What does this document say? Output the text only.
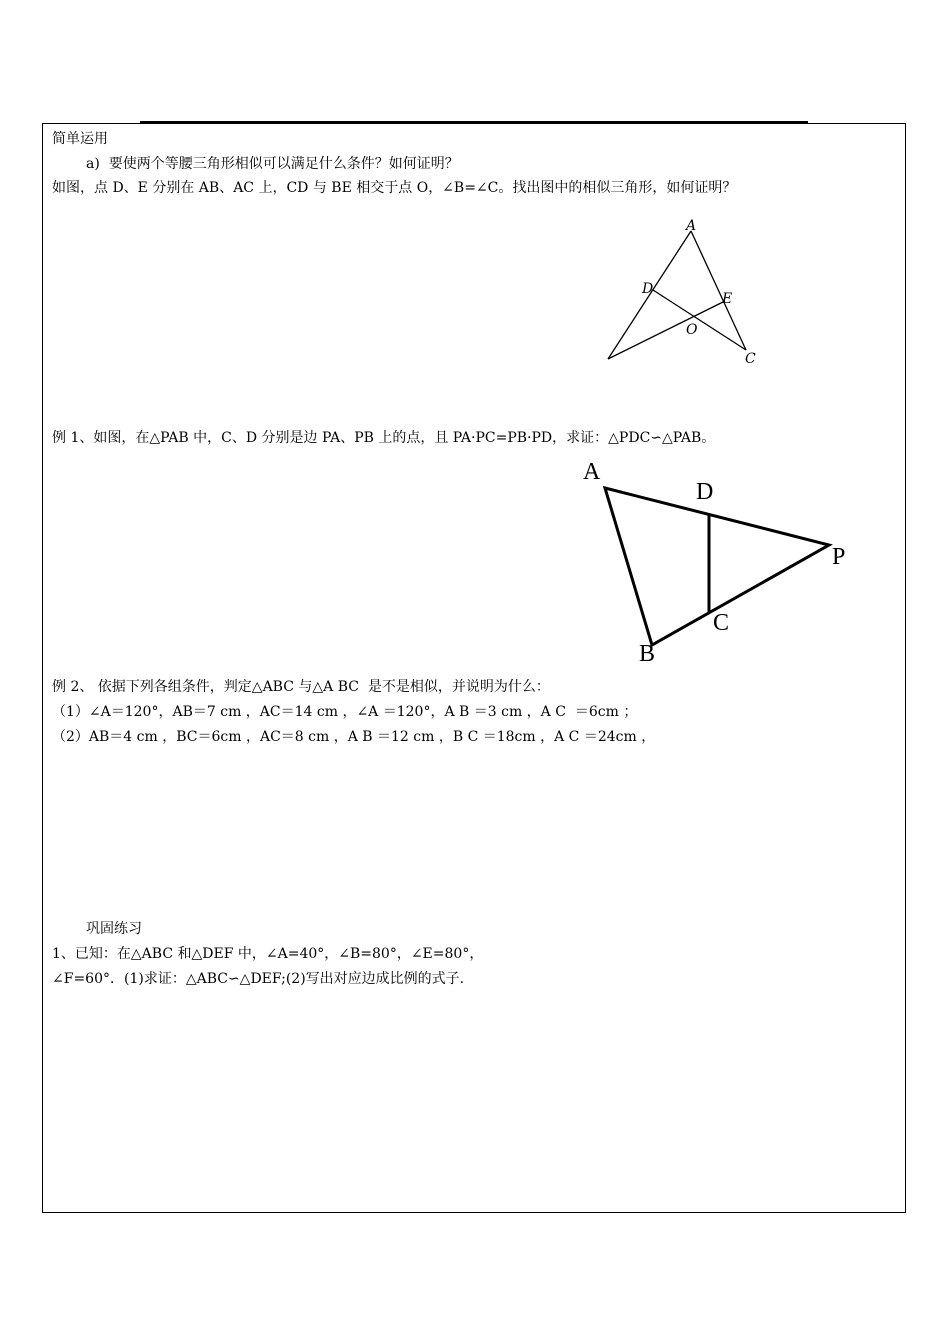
简单运用
a)  要使两个等腰三角形相似可以满足什么条件？如何证明？
如图，点 D、E 分别在 AB、AC 上，CD 与 BE 相交于点 O，∠B=∠C。找出图中的相似三角形，如何证明？
A
D
E
O
C
例 1、如图，在△PAB 中，C、D 分别是边 PA、PB 上的点，且 PA·PC=PB·PD，求证：△PDC∽△PAB。
A
D
P
C
B
例 2、 依据下列各组条件，判定△ABC 与△A BC  是不是相似，并说明为什么：
（1）∠A＝120°，AB＝7 cm ，AC＝14 cm ，∠A ＝120°，A B ＝3 cm ，A C  ＝6cm ；
（2）AB＝4 cm ，BC＝6cm ，AC＝8 cm ，A B ＝12 cm ，B C ＝18cm ，A C ＝24cm ，
巩固练习
1、已知：在△ABC 和△DEF 中，∠A=40°，∠B=80°，∠E=80°，
∠F=60°．(1)求证：△ABC∽△DEF;(2)写出对应边成比例的式子.
